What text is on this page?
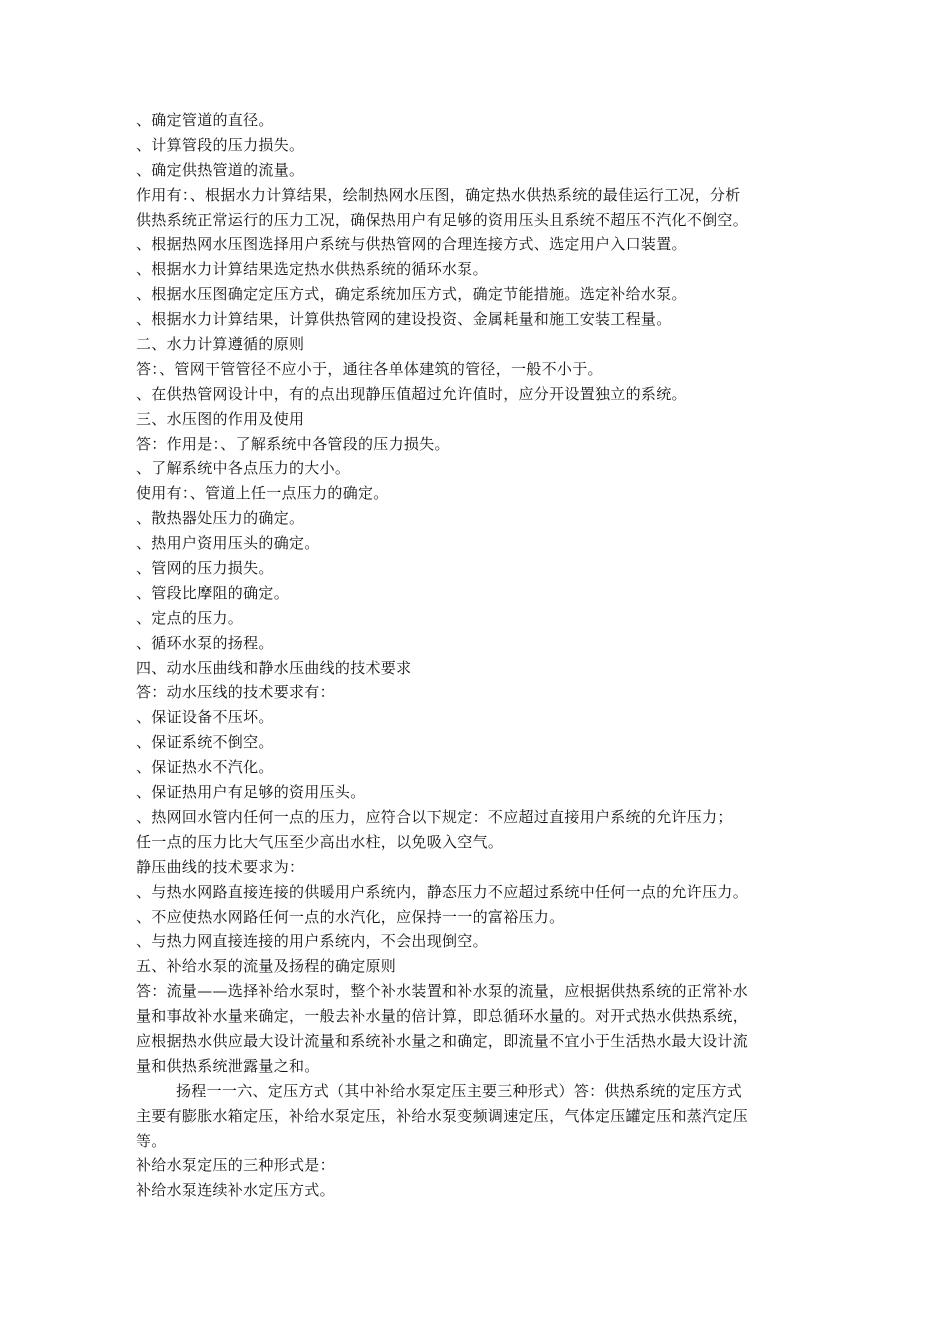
、确定管道的直径。
、计算管段的压力损失。
、确定供热管道的流量。
作用有：、根据水力计算结果，绘制热网水压图，确定热水供热系统的最佳运行工况，分析
供热系统正常运行的压力工况，确保热用户有足够的资用压头且系统不超压不汽化不倒空。
、根据热网水压图选择用户系统与供热管网的合理连接方式、选定用户入口装置。
、根据水力计算结果选定热水供热系统的循环水泵。
、根据水压图确定定压方式，确定系统加压方式，确定节能措施。选定补给水泵。
、根据水力计算结果，计算供热管网的建设投资、金属耗量和施工安装工程量。
二、水力计算遵循的原则
答：、管网干管管径不应小于，通往各单体建筑的管径，一般不小于。
、在供热管网设计中，有的点出现静压值超过允许值时，应分开设置独立的系统。
三、水压图的作用及使用
答：作用是：、了解系统中各管段的压力损失。
、了解系统中各点压力的大小。
使用有：、管道上任一点压力的确定。
、散热器处压力的确定。
、热用户资用压头的确定。
、管网的压力损失。
、管段比摩阻的确定。
、定点的压力。
、循环水泵的扬程。
四、动水压曲线和静水压曲线的技术要求
答：动水压线的技术要求有：
、保证设备不压坏。
、保证系统不倒空。
、保证热水不汽化。
、保证热用户有足够的资用压头。
、热网回水管内任何一点的压力，应符合以下规定：不应超过直接用户系统的允许压力；
任一点的压力比大气压至少高出水柱，以免吸入空气。
静压曲线的技术要求为：
、与热水网路直接连接的供暖用户系统内，静态压力不应超过系统中任何一点的允许压力。
、不应使热水网路任何一点的水汽化，应保持一一的富裕压力。
、与热力网直接连接的用户系统内，不会出现倒空。
五、补给水泵的流量及扬程的确定原则
答：流量——选择补给水泵时，整个补水装置和补水泵的流量，应根据供热系统的正常补水
量和事故补水量来确定，一般去补水量的倍计算，即总循环水量的。对开式热水供热系统，
应根据热水供应最大设计流量和系统补水量之和确定，即流量不宜小于生活热水最大设计流
量和供热系统泄露量之和。
扬程一一六、定压方式（其中补给水泵定压主要三种形式）答：供热系统的定压方式
主要有膨胀水箱定压，补给水泵定压，补给水泵变频调速定压，气体定压罐定压和蒸汽定压
等。
补给水泵定压的三种形式是：
补给水泵连续补水定压方式。
